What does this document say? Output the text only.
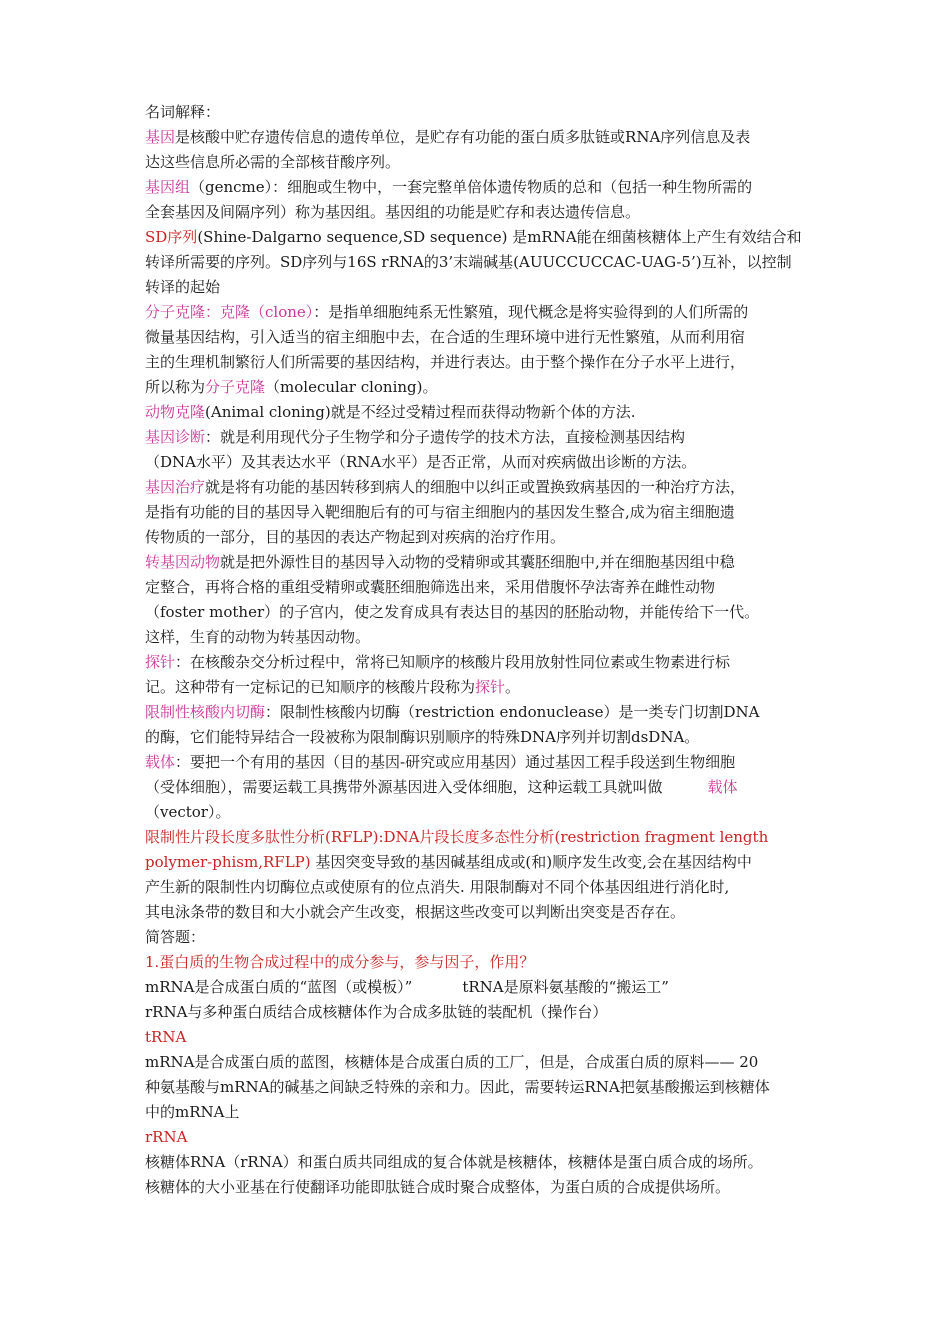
名词解释：
基因是核酸中贮存遗传信息的遗传单位，是贮存有功能的蛋白质多肽链或RNA序列信息及表
达这些信息所必需的全部核苷酸序列。
基因组（gencme）：细胞或生物中，一套完整单倍体遗传物质的总和（包括一种生物所需的
全套基因及间隔序列）称为基因组。基因组的功能是贮存和表达遗传信息。
SD序列(Shine-Dalgarno sequence,SD sequence) 是mRNA能在细菌核糖体上产生有效结合和
转译所需要的序列。SD序列与16S rRNA的3’末端碱基(AUUCCUCCAC-UAG-5’)互补，以控制
转译的起始
分子克隆：克隆（clone）：是指单细胞纯系无性繁殖，现代概念是将实验得到的人们所需的
微量基因结构，引入适当的宿主细胞中去，在合适的生理环境中进行无性繁殖，从而利用宿
主的生理机制繁衍人们所需要的基因结构，并进行表达。由于整个操作在分子水平上进行，
所以称为分子克隆（molecular cloning)。
动物克隆(Animal cloning)就是不经过受精过程而获得动物新个体的方法.
基因诊断：就是利用现代分子生物学和分子遗传学的技术方法，直接检测基因结构
（DNA水平）及其表达水平（RNA水平）是否正常，从而对疾病做出诊断的方法。
基因治疗就是将有功能的基因转移到病人的细胞中以纠正或置换致病基因的一种治疗方法，
是指有功能的目的基因导入靶细胞后有的可与宿主细胞内的基因发生整合,成为宿主细胞遗
传物质的一部分，目的基因的表达产物起到对疾病的治疗作用。
转基因动物就是把外源性目的基因导入动物的受精卵或其囊胚细胞中,并在细胞基因组中稳
定整合，再将合格的重组受精卵或囊胚细胞筛选出来，采用借腹怀孕法寄养在雌性动物
（foster mother）的子宫内，使之发育成具有表达目的基因的胚胎动物，并能传给下一代。
这样，生育的动物为转基因动物。
探针：在核酸杂交分析过程中，常将已知顺序的核酸片段用放射性同位素或生物素进行标
记。这种带有一定标记的已知顺序的核酸片段称为探针。
限制性核酸内切酶：限制性核酸内切酶（restriction endonuclease）是一类专门切割DNA
的酶，它们能特异结合一段被称为限制酶识别顺序的特殊DNA序列并切割dsDNA。
载体：要把一个有用的基因（目的基因-研究或应用基因）通过基因工程手段送到生物细胞
（受体细胞），需要运载工具携带外源基因进入受体细胞，这种运载工具就叫做	载体
（vector）。
限制性片段长度多肽性分析(RFLP):DNA片段长度多态性分析(restriction fragment length
polymer-phism,RFLP) 基因突变导致的基因碱基组成或(和)顺序发生改变,会在基因结构中
产生新的限制性内切酶位点或使原有的位点消失. 用限制酶对不同个体基因组进行消化时,
其电泳条带的数目和大小就会产生改变，根据这些改变可以判断出突变是否存在。
简答题：
1.蛋白质的生物合成过程中的成分参与，参与因子，作用？
mRNA是合成蛋白质的“蓝图（或模板）”	tRNA是原料氨基酸的“搬运工”
rRNA与多种蛋白质结合成核糖体作为合成多肽链的装配机（操作台）
tRNA
mRNA是合成蛋白质的蓝图，核糖体是合成蛋白质的工厂，但是，合成蛋白质的原料—— 20
种氨基酸与mRNA的碱基之间缺乏特殊的亲和力。因此，需要转运RNA把氨基酸搬运到核糖体
中的mRNA上
rRNA
核糖体RNA（rRNA）和蛋白质共同组成的复合体就是核糖体，核糖体是蛋白质合成的场所。
核糖体的大小亚基在行使翻译功能即肽链合成时聚合成整体，为蛋白质的合成提供场所。
